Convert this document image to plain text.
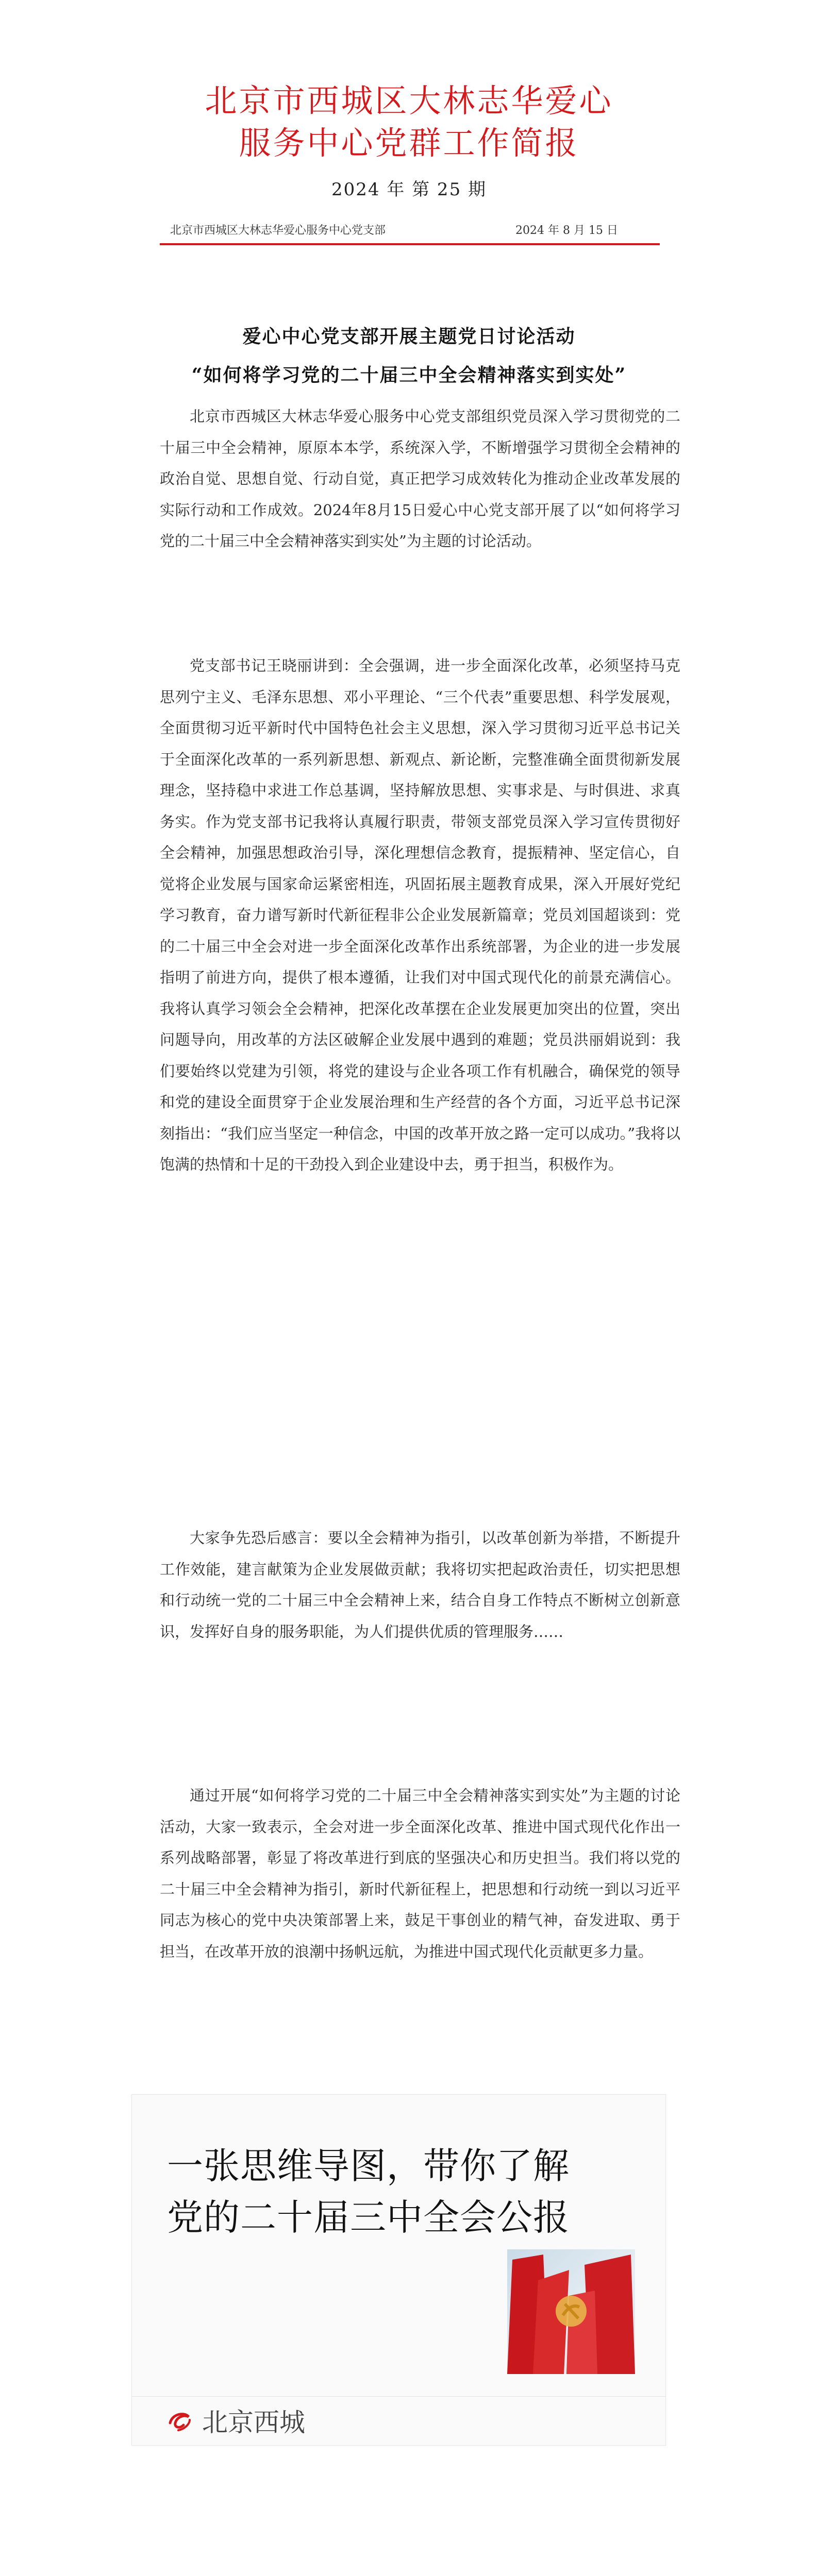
北京市西城区大林志华爱心
服务中心党群工作简报
2024 年 第 25 期
北京市西城区大林志华爱心服务中心党支部	2024 年 8 月 15 日
爱心中心党支部开展主题党日讨论活动
“如何将学习党的二十届三中全会精神落实到实处”

北京市西城区大林志华爱心服务中心党支部组织党员深入学习贯彻党的二十届三中全会精神，原原本本学，系统深入学，不断增强学习贯彻全会精神的政治自觉、思想自觉、行动自觉，真正把学习成效转化为推动企业改革发展的实际行动和工作成效。2024年8月15日爱心中心党支部开展了以“如何将学习党的二十届三中全会精神落实到实处”为主题的讨论活动。

党支部书记王晓丽讲到：全会强调，进一步全面深化改革，必须坚持马克思列宁主义、毛泽东思想、邓小平理论、“三个代表”重要思想、科学发展观，全面贯彻习近平新时代中国特色社会主义思想，深入学习贯彻习近平总书记关于全面深化改革的一系列新思想、新观点、新论断，完整准确全面贯彻新发展理念，坚持稳中求进工作总基调，坚持解放思想、实事求是、与时俱进、求真务实。作为党支部书记我将认真履行职责，带领支部党员深入学习宣传贯彻好全会精神，加强思想政治引导，深化理想信念教育，提振精神、坚定信心，自觉将企业发展与国家命运紧密相连，巩固拓展主题教育成果，深入开展好党纪学习教育，奋力谱写新时代新征程非公企业发展新篇章；党员刘国超谈到：党的二十届三中全会对进一步全面深化改革作出系统部署，为企业的进一步发展指明了前进方向，提供了根本遵循，让我们对中国式现代化的前景充满信心。我将认真学习领会全会精神，把深化改革摆在企业发展更加突出的位置，突出问题导向，用改革的方法区破解企业发展中遇到的难题；党员洪丽娟说到：我们要始终以党建为引领，将党的建设与企业各项工作有机融合，确保党的领导和党的建设全面贯穿于企业发展治理和生产经营的各个方面，习近平总书记深刻指出：“我们应当坚定一种信念，中国的改革开放之路一定可以成功。”我将以饱满的热情和十足的干劲投入到企业建设中去，勇于担当，积极作为。

大家争先恐后感言：要以全会精神为指引，以改革创新为举措，不断提升工作效能，建言献策为企业发展做贡献；我将切实把起政治责任，切实把思想和行动统一党的二十届三中全会精神上来，结合自身工作特点不断树立创新意识，发挥好自身的服务职能，为人们提供优质的管理服务……

通过开展“如何将学习党的二十届三中全会精神落实到实处”为主题的讨论活动，大家一致表示，全会对进一步全面深化改革、推进中国式现代化作出一系列战略部署，彰显了将改革进行到底的坚强决心和历史担当。我们将以党的二十届三中全会精神为指引，新时代新征程上，把思想和行动统一到以习近平同志为核心的党中央决策部署上来，鼓足干事创业的精气神，奋发进取、勇于担当，在改革开放的浪潮中扬帆远航，为推进中国式现代化贡献更多力量。

一张思维导图，带你了解
党的二十届三中全会公报
北京西城
